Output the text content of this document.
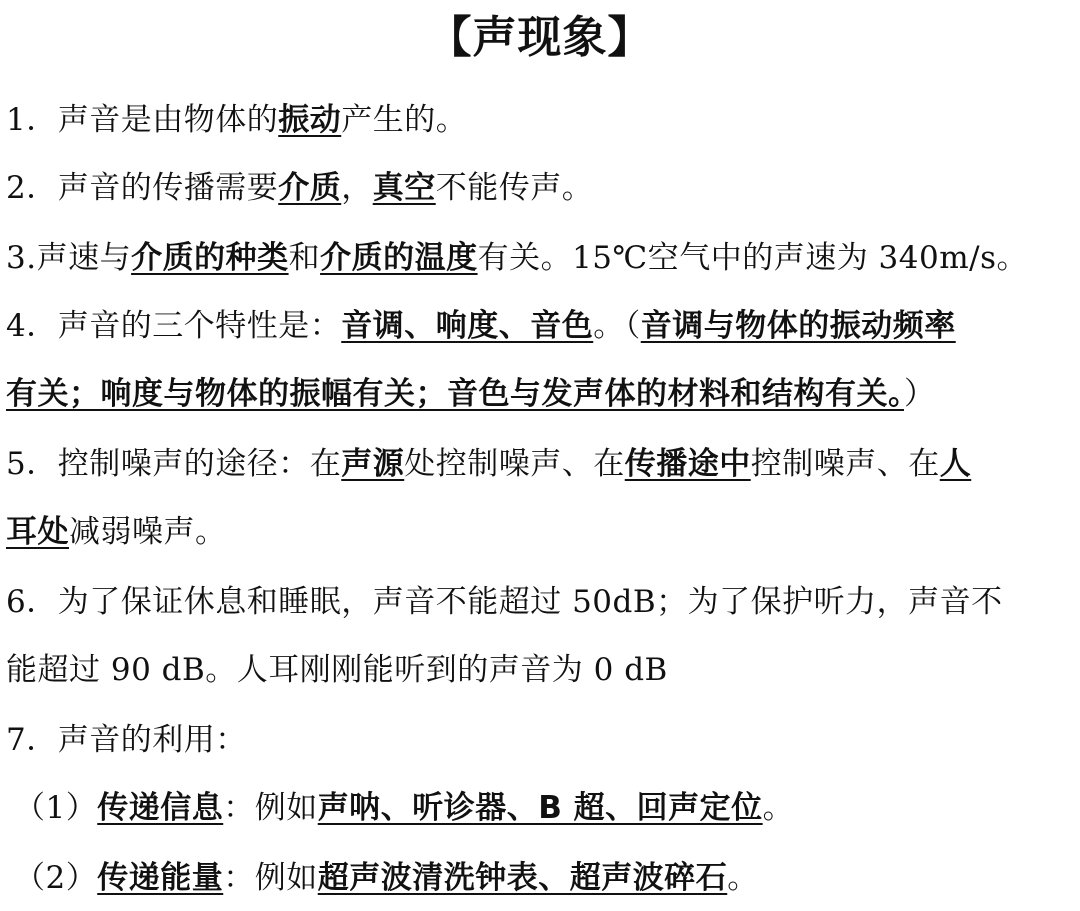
【声现象】
1．声音是由物体的振动产生的。
2．声音的传播需要介质，真空不能传声。
3.声速与介质的种类和介质的温度有关。15℃空气中的声速为 340m/s。
4．声音的三个特性是：音调、响度、音色。（音调与物体的振动频率
有关；响度与物体的振幅有关；音色与发声体的材料和结构有关。）
5．控制噪声的途径：在声源处控制噪声、在传播途中控制噪声、在人
耳处减弱噪声。
6．为了保证休息和睡眠，声音不能超过 50dB；为了保护听力，声音不
能超过 90 dB。人耳刚刚能听到的声音为 0 dB
7．声音的利用：
（1）传递信息：例如声呐、听诊器、B 超、回声定位。
（2）传递能量：例如超声波清洗钟表、超声波碎石。
